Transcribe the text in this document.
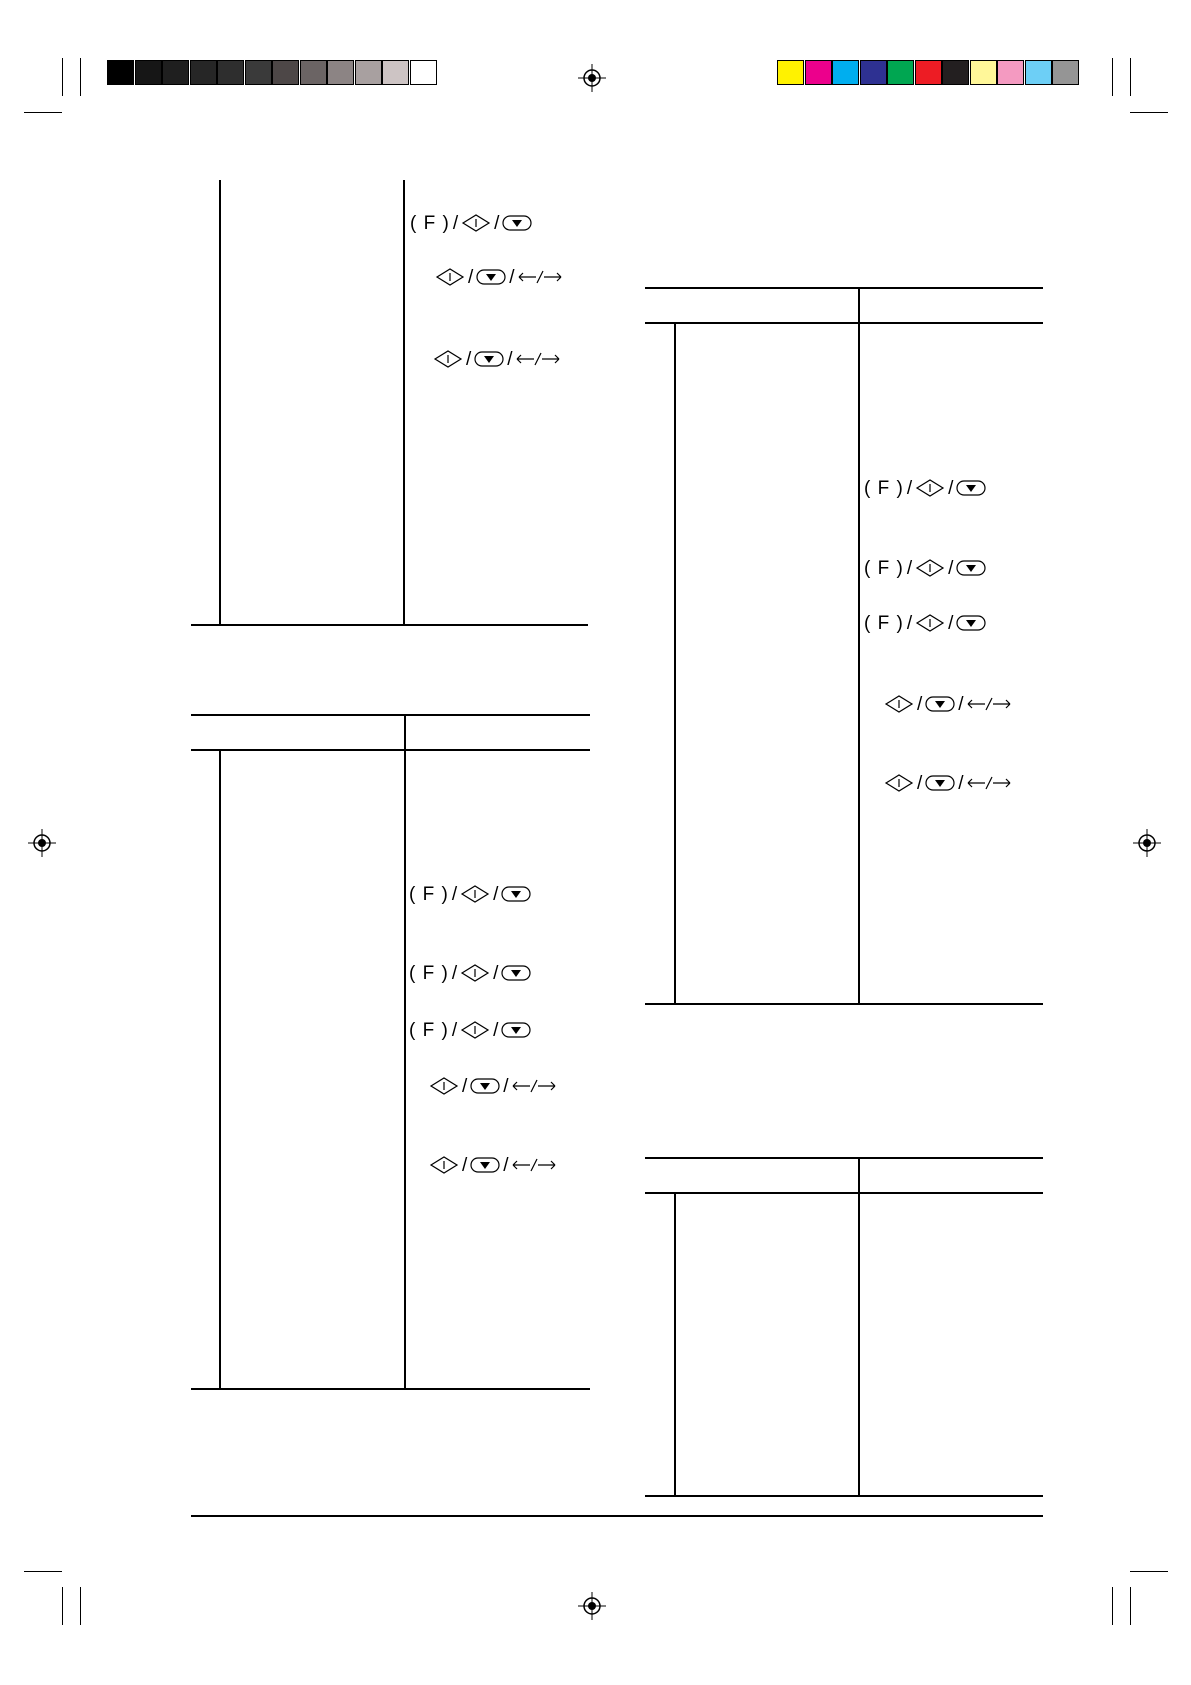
( F ) / /
/ /
( F ) / /
( F ) / /
( F ) / /
( F ) / /
( F ) / /
( F ) / /
/ /
/ /
/ /
/ /
/ /
